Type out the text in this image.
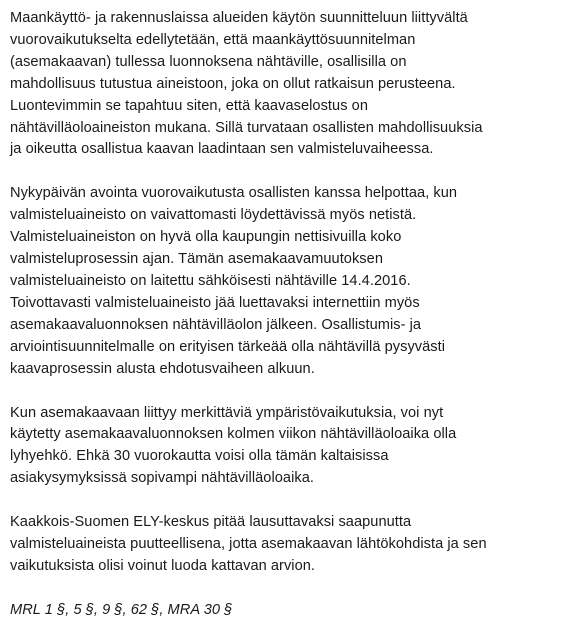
Maankäyttö- ja rakennuslaissa alueiden käytön suunnitteluun liittyvältä
vuorovaikutukselta edellytetään, että maankäyttösuunnitelman
(asemakaavan) tullessa luonnoksena nähtäville, osallisilla on
mahdollisuus tutustua aineistoon, joka on ollut ratkaisun perusteena.
Luontevimmin se tapahtuu siten, että kaavaselostus on
nähtävilläoloaineiston mukana. Sillä turvataan osallisten mahdollisuuksia
ja oikeutta osallistua kaavan laadintaan sen valmisteluvaiheessa.

Nykypäivän avointa vuorovaikutusta osallisten kanssa helpottaa, kun
valmisteluaineisto on vaivattomasti löydettävissä myös netistä.
Valmisteluaineiston on hyvä olla kaupungin nettisivuilla koko
valmisteluprosessin ajan. Tämän asemakaavamuutoksen
valmisteluaineisto on laitettu sähköisesti nähtäville 14.4.2016.
Toivottavasti valmisteluaineisto jää luettavaksi internettiin myös
asemakaavaluonnoksen nähtävilläolon jälkeen. Osallistumis- ja
arviointisuunnitelmalle on erityisen tärkeää olla nähtävillä pysyvästi
kaavaprosessin alusta ehdotusvaiheen alkuun.

Kun asemakaavaan liittyy merkittäviä ympäristövaikutuksia, voi nyt
käytetty asemakaavaluonnoksen kolmen viikon nähtävilläoloaika olla
lyhyehkö. Ehkä 30 vuorokautta voisi olla tämän kaltaisissa
asiakysymyksissä sopivampi nähtävilläoloaika.

Kaakkois-Suomen ELY-keskus pitää lausuttavaksi saapunutta
valmisteluaineista puutteellisena, jotta asemakaavan lähtökohdista ja sen
vaikutuksista olisi voinut luoda kattavan arvion.

MRL 1 §, 5 §, 9 §, 62 §, MRA 30 §
